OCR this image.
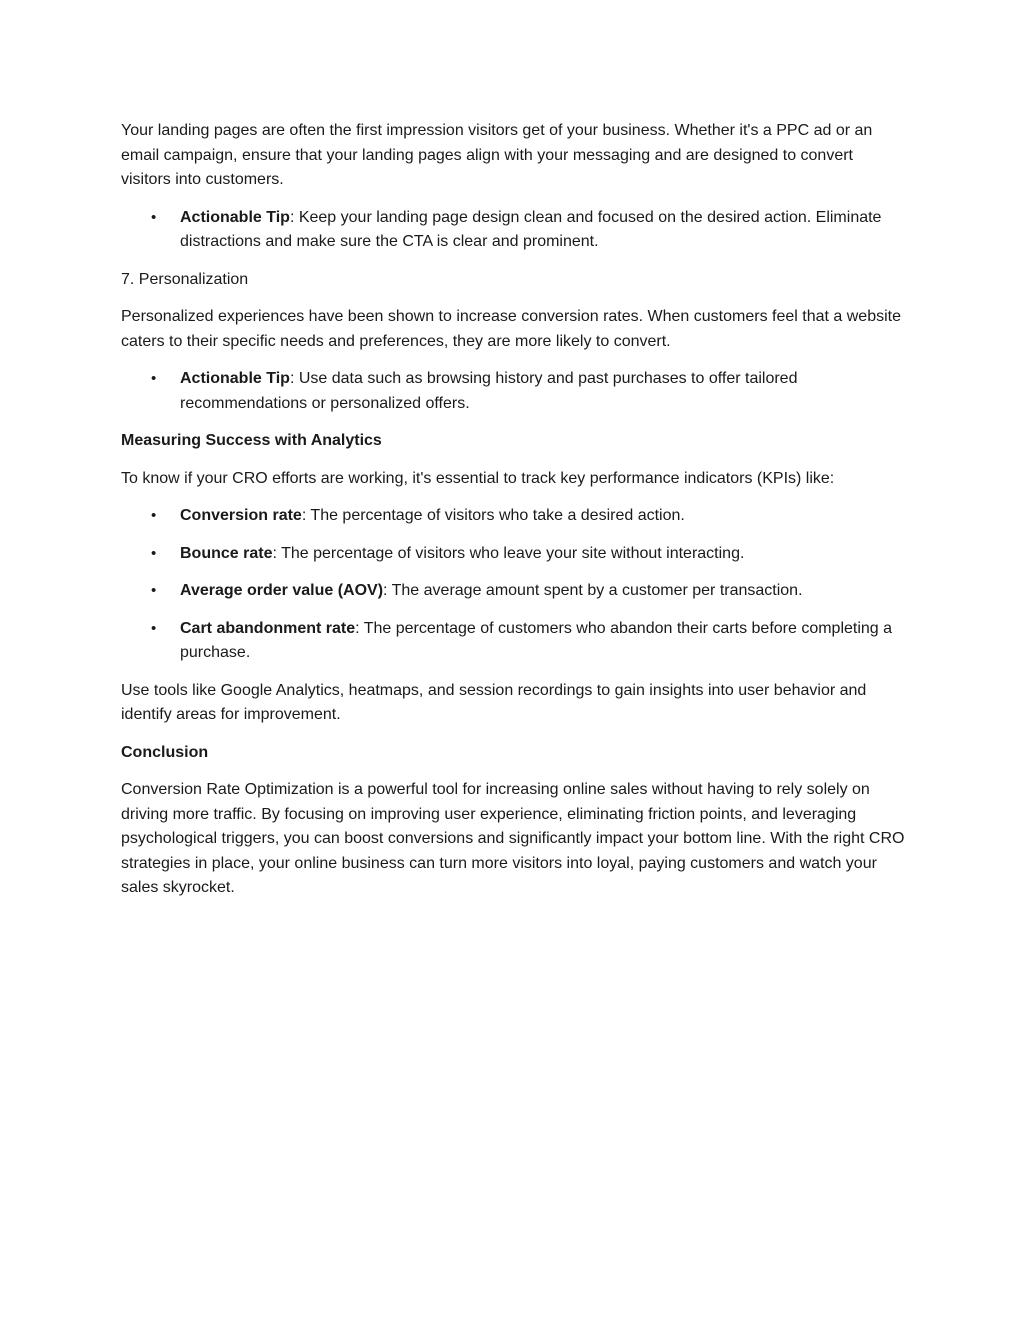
Your landing pages are often the first impression visitors get of your business. Whether it's a PPC ad or an email campaign, ensure that your landing pages align with your messaging and are designed to convert visitors into customers.

• Actionable Tip: Keep your landing page design clean and focused on the desired action. Eliminate distractions and make sure the CTA is clear and prominent.

7. Personalization

Personalized experiences have been shown to increase conversion rates. When customers feel that a website caters to their specific needs and preferences, they are more likely to convert.

• Actionable Tip: Use data such as browsing history and past purchases to offer tailored recommendations or personalized offers.

Measuring Success with Analytics

To know if your CRO efforts are working, it's essential to track key performance indicators (KPIs) like:

• Conversion rate: The percentage of visitors who take a desired action.
• Bounce rate: The percentage of visitors who leave your site without interacting.
• Average order value (AOV): The average amount spent by a customer per transaction.
• Cart abandonment rate: The percentage of customers who abandon their carts before completing a purchase.

Use tools like Google Analytics, heatmaps, and session recordings to gain insights into user behavior and identify areas for improvement.

Conclusion

Conversion Rate Optimization is a powerful tool for increasing online sales without having to rely solely on driving more traffic. By focusing on improving user experience, eliminating friction points, and leveraging psychological triggers, you can boost conversions and significantly impact your bottom line. With the right CRO strategies in place, your online business can turn more visitors into loyal, paying customers and watch your sales skyrocket.
